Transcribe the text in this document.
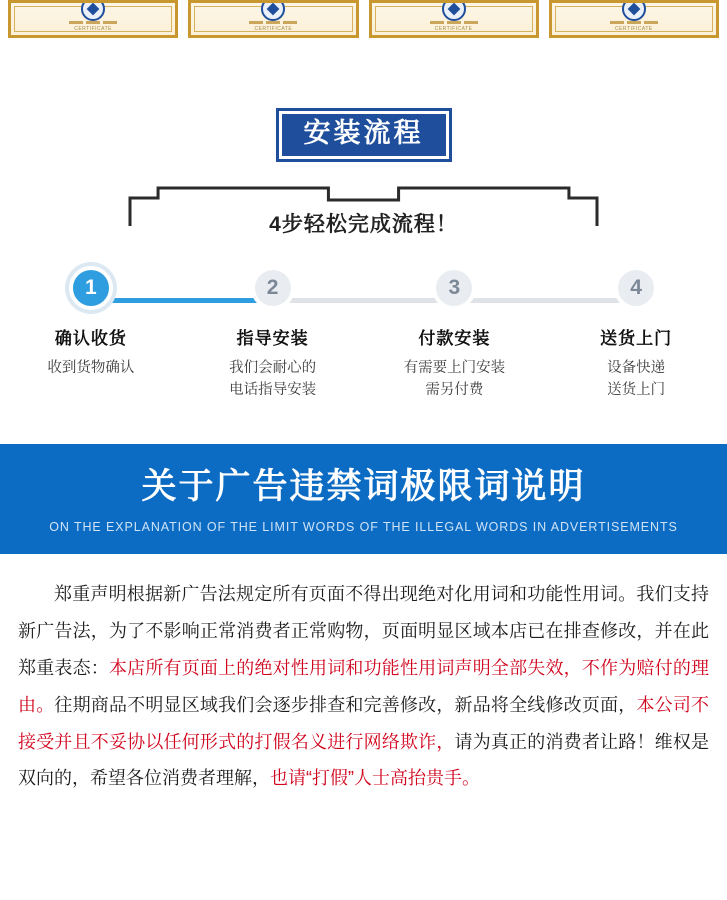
CERTIFICATE	CERTIFICATE	CERTIFICATE	CERTIFICATE
安装流程
4步轻松完成流程！
1
确认收货
收到货物确认
2
指导安装
我们会耐心的
电话指导安装
3
付款安装
有需要上门安装
需另付费
4
送货上门
设备快递
送货上门
关于广告违禁词极限词说明
ON THE EXPLANATION OF THE LIMIT WORDS OF THE ILLEGAL WORDS IN ADVERTISEMENTS
郑重声明根据新广告法规定所有页面不得出现绝对化用词和功能性用词。我们支持新广告法，为了不影响正常消费者正常购物，页面明显区域本店已在排查修改，并在此郑重表态：本店所有页面上的绝对性用词和功能性用词声明全部失效，不作为赔付的理由。往期商品不明显区域我们会逐步排查和完善修改，新品将全线修改页面，本公司不接受并且不妥协以任何形式的打假名义进行网络欺诈，请为真正的消费者让路！维权是双向的，希望各位消费者理解，也请“打假”人士高抬贵手。
